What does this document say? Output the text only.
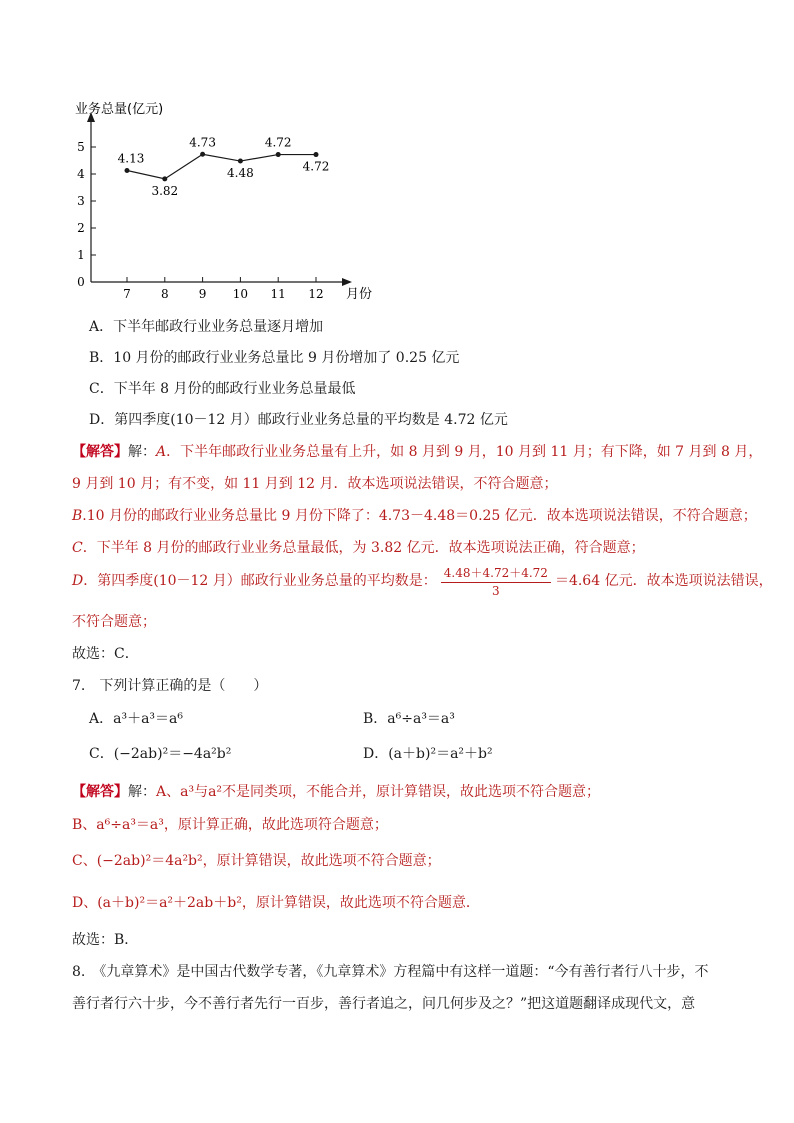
业务总量(亿元)
月份
0
1
2
3
4
5
7	8	9 10 11 12
4.13
3.82
4.73
4.48
4.72
4.72
A．下半年邮政行业业务总量逐月增加
B．10 月份的邮政行业业务总量比 9 月份增加了 0.25 亿元
C．下半年 8 月份的邮政行业业务总量最低
D．第四季度(10－12 月）邮政行业业务总量的平均数是 4.72 亿元
【解答】解：A．下半年邮政行业业务总量有上升，如 8 月到 9 月，10 月到 11 月；有下降，如 7 月到 8 月，
9 月到 10 月；有不变，如 11 月到 12 月．故本选项说法错误，不符合题意；
B.10 月份的邮政行业业务总量比 9 月份下降了：4.73－4.48＝0.25 亿元．故本选项说法错误，不符合题意；
C．下半年 8 月份的邮政行业业务总量最低，为 3.82 亿元．故本选项说法正确，符合题意；
D．第四季度(10－12 月）邮政行业业务总量的平均数是： $\frac{4.48+4.72+4.72}{3} =4.64$ 亿元．故本选项说法错误，
不符合题意；
故选：C．
7.　下列计算正确的是（　　）
A．a³＋a³＝a⁶	B．a⁶÷a³＝a³
C．(−2ab)²＝−4a²b²	D．(a＋b)²＝a²＋b²
【解答】解：A、a³与a²不是同类项，不能合并，原计算错误，故此选项不符合题意；
B、a⁶÷a³＝a³，原计算正确，故此选项符合题意；
C、(−2ab)²＝4a²b²，原计算错误，故此选项不符合题意；
D、(a＋b)²＝a²＋2ab＋b²，原计算错误，故此选项不符合题意．
故选：B．
8.　《九章算术》是中国古代数学专著，《九章算术》方程篇中有这样一道题：“今有善行者行八十步，不
善行者行六十步，今不善行者先行一百步，善行者追之，问几何步及之？”把这道题翻译成现代文，意
